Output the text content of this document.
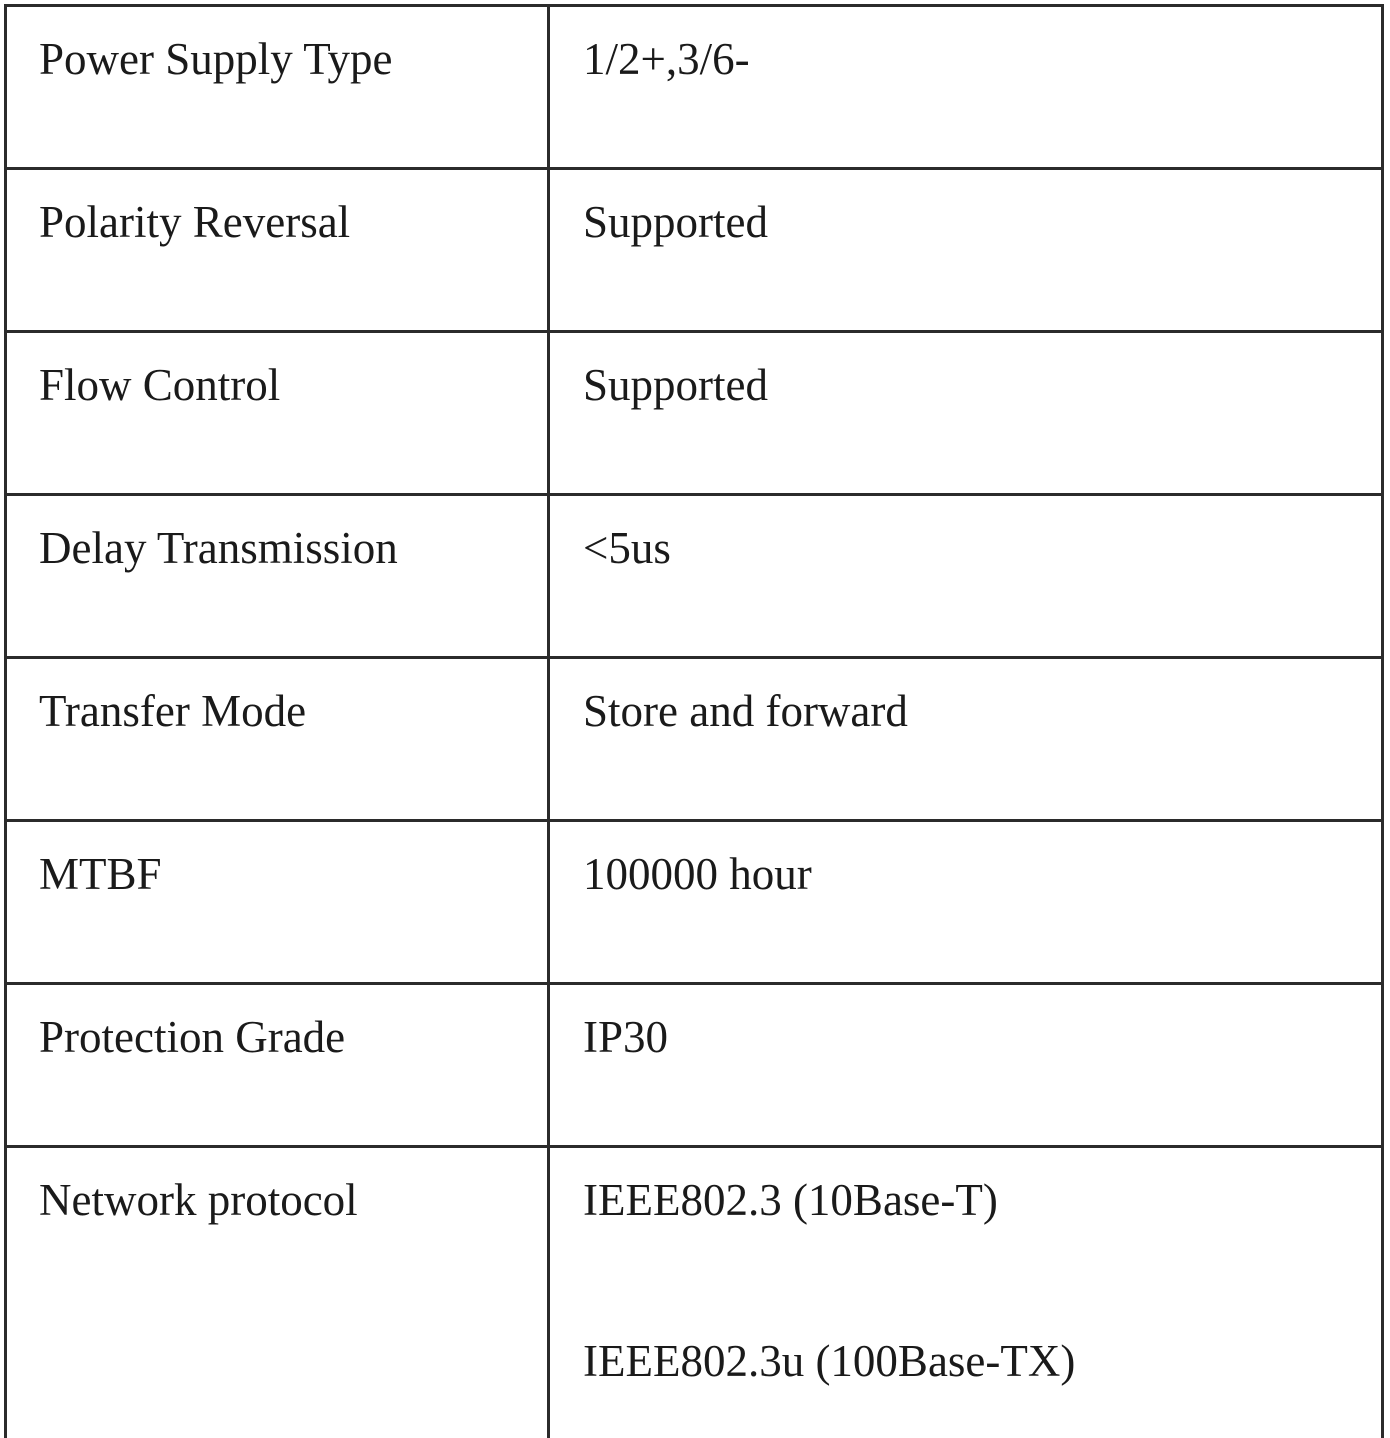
Power Supply Type	1/2+,3/6-

Polarity Reversal	Supported

Flow Control	Supported

Delay Transmission	<5us

Transfer Mode	Store and forward

MTBF	100000 hour

Protection Grade	IP30

Network protocol	IEEE802.3 (10Base-T)
IEEE802.3u (100Base-TX)
